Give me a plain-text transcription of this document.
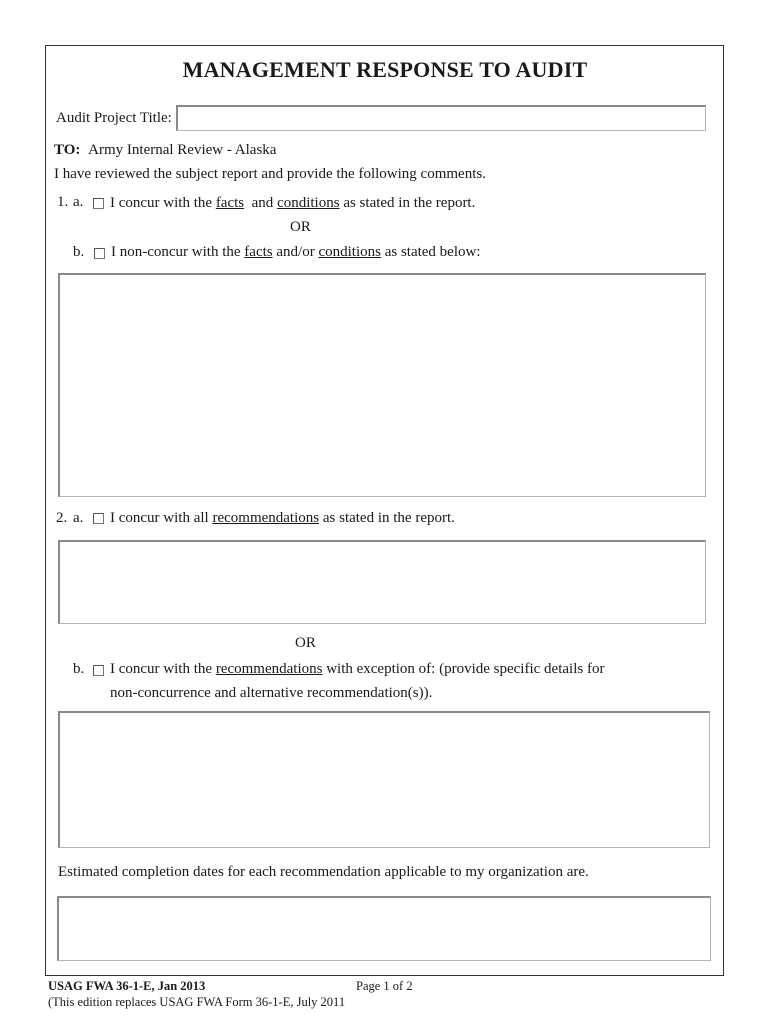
MANAGEMENT RESPONSE TO AUDIT
Audit Project Title:
TO: Army Internal Review - Alaska
I have reviewed the subject report and provide the following comments.
1. a. I concur with the facts and conditions as stated in the report.
OR
b. I non-concur with the facts and/or conditions as stated below:
2. a. I concur with all recommendations as stated in the report.
OR
b. I concur with the recommendations with exception of: (provide specific details for
non-concurrence and alternative recommendation(s)).
Estimated completion dates for each recommendation applicable to my organization are.
USAG FWA 36-1-E, Jan 2013	Page 1 of 2
(This edition replaces USAG FWA Form 36-1-E, July 2011
